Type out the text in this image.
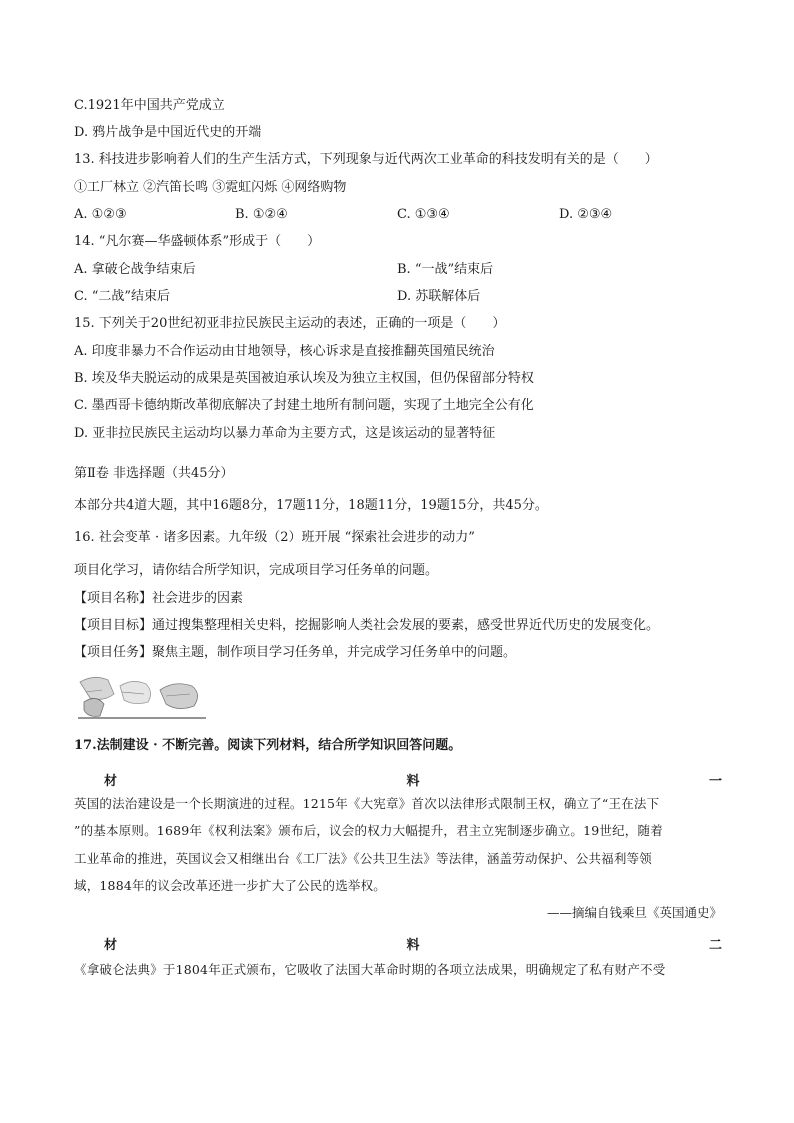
C.1921年中国共产党成立
D. 鸦片战争是中国近代史的开端
13. 科技进步影响着人们的生产生活方式，下列现象与近代两次工业革命的科技发明有关的是（　　）
①工厂林立 ②汽笛长鸣 ③霓虹闪烁 ④网络购物
A. ①②③	B. ①②④	C. ①③④	D. ②③④
14. “凡尔赛—华盛顿体系”形成于（　　）
A. 拿破仑战争结束后	B. “一战”结束后
C. “二战”结束后	D. 苏联解体后
15. 下列关于20世纪初亚非拉民族民主运动的表述，正确的一项是（　　）
A. 印度非暴力不合作运动由甘地领导，核心诉求是直接推翻英国殖民统治
B. 埃及华夫脱运动的成果是英国被迫承认埃及为独立主权国，但仍保留部分特权
C. 墨西哥卡德纳斯改革彻底解决了封建土地所有制问题，实现了土地完全公有化
D. 亚非拉民族民主运动均以暴力革命为主要方式，这是该运动的显著特征
第Ⅱ卷 非选择题（共45分）
本部分共4道大题，其中16题8分，17题11分，18题11分，19题15分，共45分。
16. 社会变革 · 诸多因素。九年级（2）班开展 “探索社会进步的动力”
项目化学习，请你结合所学知识，完成项目学习任务单的问题。
【项目名称】社会进步的因素
【项目目标】通过搜集整理相关史料，挖掘影响人类社会发展的要素，感受世界近代历史的发展变化。
【项目任务】聚焦主题，制作项目学习任务单，并完成学习任务单中的问题。
17.法制建设 · 不断完善。阅读下列材料，结合所学知识回答问题。
材	料	一
英国的法治建设是一个长期演进的过程。1215年《大宪章》首次以法律形式限制王权，确立了“王在法下
”的基本原则。1689年《权利法案》颁布后，议会的权力大幅提升，君主立宪制逐步确立。19世纪，随着
工业革命的推进，英国议会又相继出台《工厂法》《公共卫生法》等法律，涵盖劳动保护、公共福利等领
域，1884年的议会改革还进一步扩大了公民的选举权。
——摘编自钱乘旦《英国通史》
材	料	二
《拿破仑法典》于1804年正式颁布，它吸收了法国大革命时期的各项立法成果，明确规定了私有财产不受
